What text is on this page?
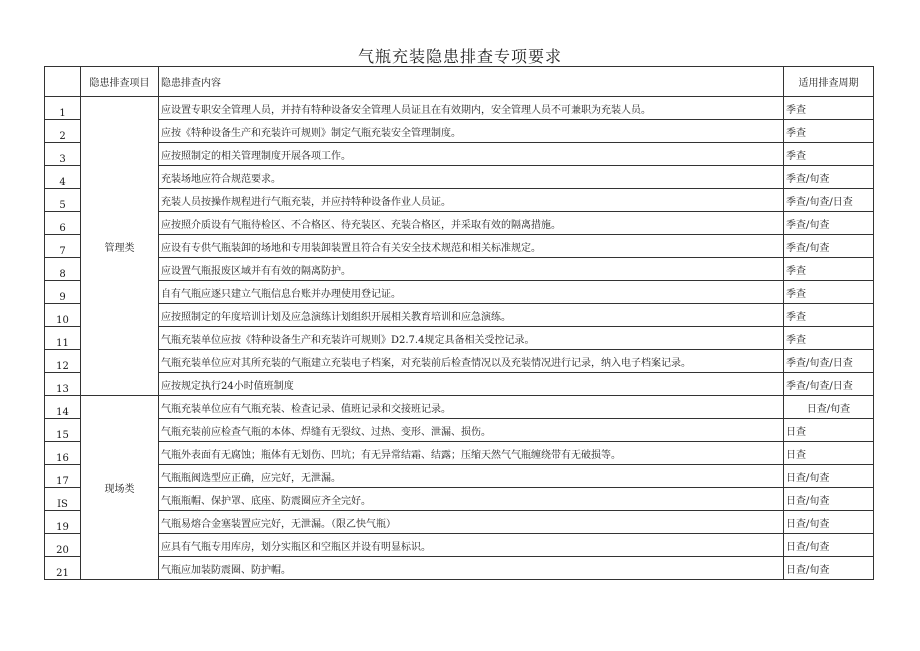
气瓶充装隐患排查专项要求
	隐患排查项目	隐患排查内容	适用排查周期
1	管理类	应设置专职安全管理人员，并持有特种设备安全管理人员证且在有效期内，安全管理人员不可兼职为充装人员。	季查
2		应按《特种设备生产和充装许可规则》制定气瓶充装安全管理制度。	季查
3		应按照制定的相关管理制度开展各项工作。	季查
4		充装场地应符合规范要求。	季查/旬查
5		充装人员按操作规程进行气瓶充装，并应持特种设备作业人员证。	季查/旬查/日查
6		应按照介质设有气瓶待检区、不合格区、待充装区、充装合格区，并采取有效的隔离措施。	季查/旬查
7		应设有专供气瓶装卸的场地和专用装卸装置且符合有关安全技术规范和相关标准规定。	季查/旬查
8		应设置气瓶报废区域并有有效的隔离防护。	季查
9		自有气瓶应逐只建立气瓶信息台账并办理使用登记证。	季查
10		应按照制定的年度培训计划及应急演练计划组织开展相关教育培训和应急演练。	季查
11		气瓶充装单位应按《特种设备生产和充装许可规则》D2.7.4规定具备相关受控记录。	季查
12		气瓶充装单位应对其所充装的气瓶建立充装电子档案，对充装前后检查情况以及充装情况进行记录，纳入电子档案记录。	季查/旬查/日查
13		应按规定执行24小时值班制度	季查/旬查/日查
14	现场类	气瓶充装单位应有气瓶充装、检查记录、值班记录和交接班记录。	日查/旬查
15		气瓶充装前应检查气瓶的本体、焊缝有无裂纹、过热、变形、泄漏、损伤。	日查
16		气瓶外表面有无腐蚀；瓶体有无划伤、凹坑；有无异常结霜、结露；压缩天然气气瓶缠绕带有无破损等。	日查
17		气瓶瓶阀选型应正确，应完好，无泄漏。	日查/旬查
IS		气瓶瓶帽、保护罩、底座、防震圈应齐全完好。	日查/旬查
19		气瓶易熔合金塞装置应完好，无泄漏。（限乙快气瓶）	日查/旬查
20		应具有气瓶专用库房，划分实瓶区和空瓶区并设有明显标识。	日查/旬查
21		气瓶应加装防震圈、防护帽。	日查/旬查
